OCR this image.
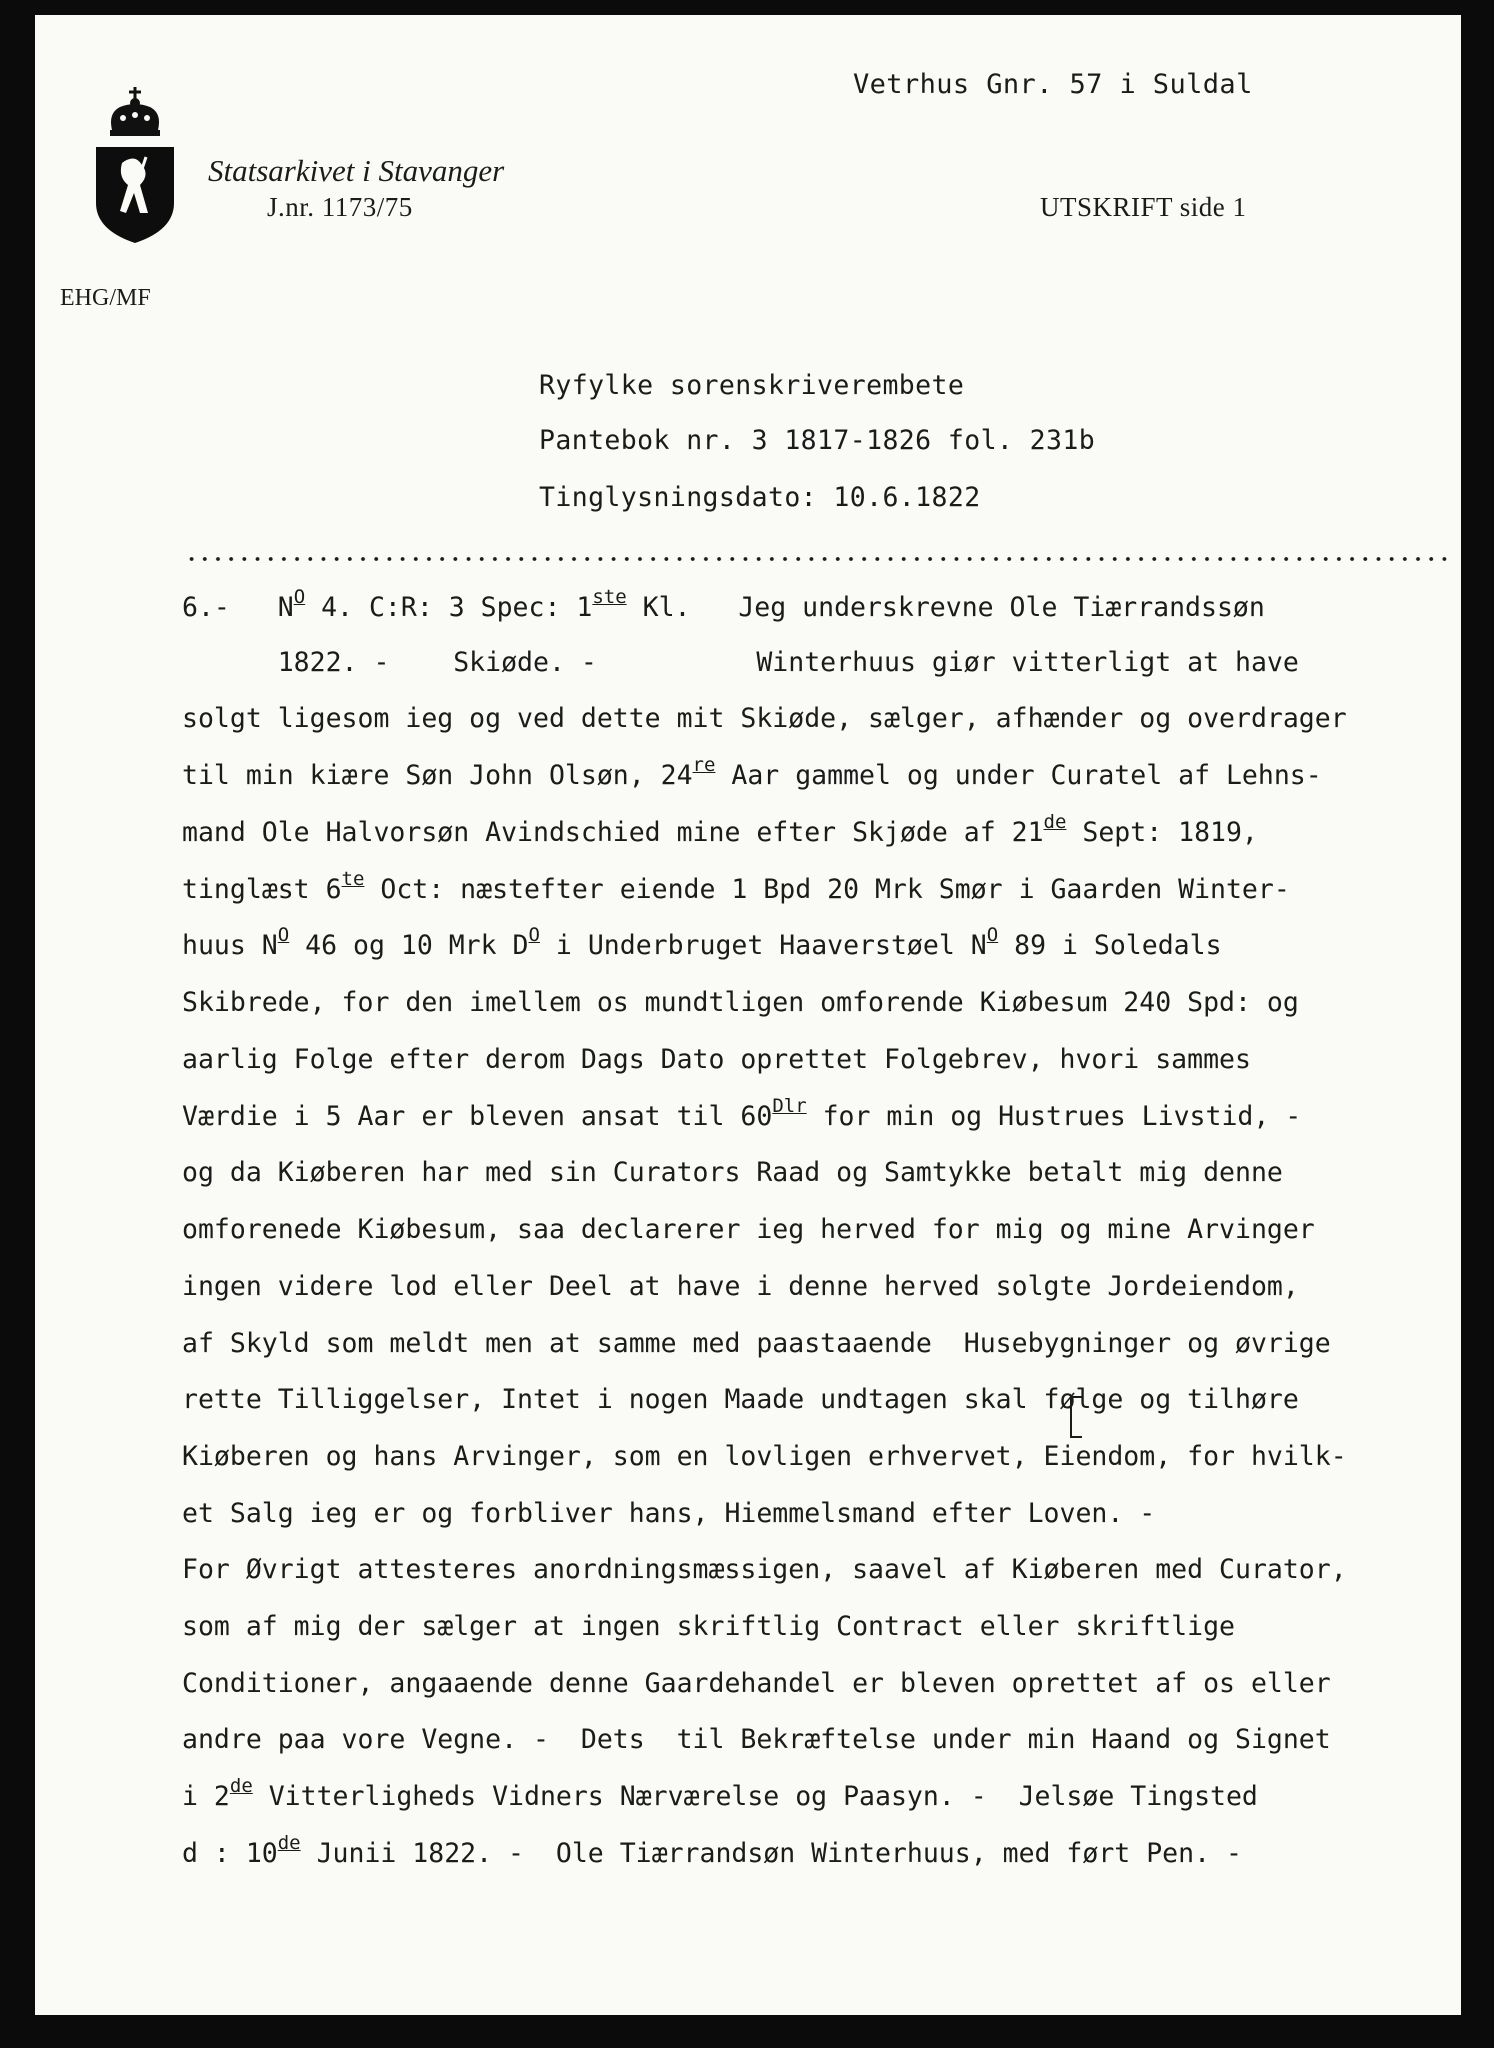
Vetrhus Gnr. 57 i Suldal
Statsarkivet i Stavanger
J.nr. 1173/75	UTSKRIFT side 1
EHG/MF
Ryfylke sorenskriverembete
Pantebok nr. 3 1817-1826 fol. 231b
Tinglysningsdato: 10.6.1822
6.-   $N^O$ 4. C:R: 3 Spec: 1ste Kl.   Jeg underskrevne Ole Tiærrandssøn
1822. -    Skiøde. -          Winterhuus giør vitterligt at have
solgt ligesom ieg og ved dette mit Skiøde, sælger, afhænder og overdrager
til min kiære Søn John Olsøn, 24re Aar gammel og under Curatel af Lehns-
mand Ole Halvorsøn Avindschied mine efter Skjøde af 21de Sept: 1819,
tinglæst $6^{te}$ Oct: næstefter eiende 1 Bpd 20 Mrk Smør i Gaarden Winter-
huus $N^O$ 46 og 10 Mrk $D^O$ i Underbruget Haaverstøel $N^O$ 89 i Soledals
Skibrede, for den imellem os mundtligen omforende Kiøbesum 240 Spd: og
aarlig Folge efter derom Dags Dato oprettet Folgebrev, hvori sammes
Værdie i 5 Aar er bleven ansat til $60^{Dlr}$ for min og Hustrues Livstid, -
og da Kiøberen har med sin Curators Raad og Samtykke betalt mig denne
omforenede Kiøbesum, saa declarerer ieg herved for mig og mine Arvinger
ingen videre lod eller Deel at have i denne herved solgte Jordeiendom,
af Skyld som meldt men at samme med paastaaende  Husebygninger og øvrige
rette Tilliggelser, Intet i nogen Maade undtagen skal følge og tilhøre
Kiøberen og hans Arvinger, som en lovligen erhvervet, Eiendom, for hvilk-
et Salg ieg er og forbliver hans, Hiemmelsmand efter Loven. -
For Øvrigt attesteres anordningsmæssigen, saavel af Kiøberen med Curator,
som af mig der sælger at ingen skriftlig Contract eller skriftlige
Conditioner, angaaende denne Gaardehandel er bleven oprettet af os eller
andre paa vore Vegne. -  Dets  til Bekræftelse under min Haand og Signet
i 2de Vitterligheds Vidners Nærværelse og Paasyn. -  Jelsøe Tingsted
d : 10de Junii 1822. -  Ole Tiærrandsøn Winterhuus, med ført Pen. -
